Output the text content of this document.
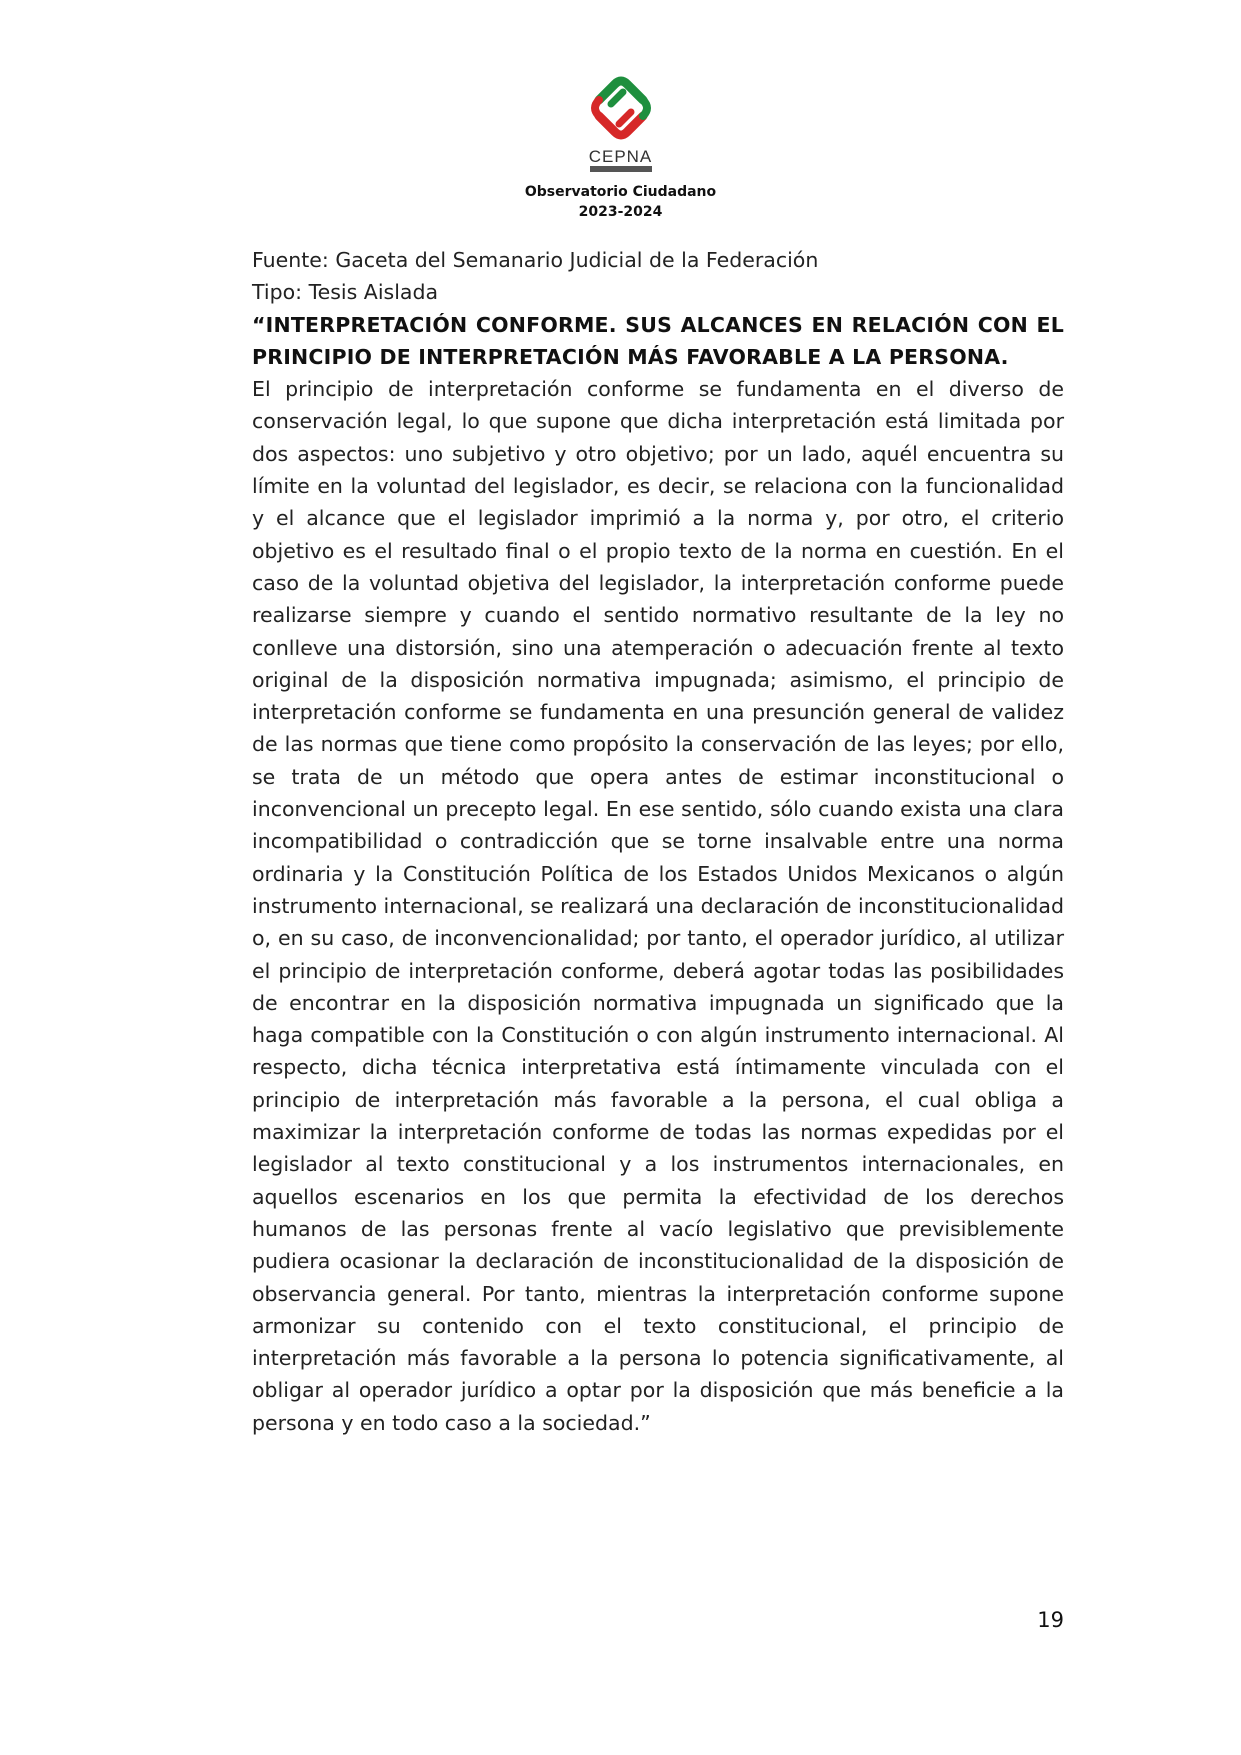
CEPNA
Observatorio Ciudadano
2023-2024
Fuente: Gaceta del Semanario Judicial de la Federación
Tipo: Tesis Aislada
“INTERPRETACIÓN CONFORME. SUS ALCANCES EN RELACIÓN CON EL PRINCIPIO DE INTERPRETACIÓN MÁS FAVORABLE A LA PERSONA.

El principio de interpretación conforme se fundamenta en el diverso de conservación legal, lo que supone que dicha interpretación está limitada por dos aspectos: uno subjetivo y otro objetivo; por un lado, aquél encuentra su límite en la voluntad del legislador, es decir, se relaciona con la funcionalidad y el alcance que el legislador imprimió a la norma y, por otro, el criterio objetivo es el resultado final o el propio texto de la norma en cuestión. En el caso de la voluntad objetiva del legislador, la interpretación conforme puede realizarse siempre y cuando el sentido normativo resultante de la ley no conlleve una distorsión, sino una atemperación o adecuación frente al texto original de la disposición normativa impugnada; asimismo, el principio de interpretación conforme se fundamenta en una presunción general de validez de las normas que tiene como propósito la conservación de las leyes; por ello, se trata de un método que opera antes de estimar inconstitucional o inconvencional un precepto legal. En ese sentido, sólo cuando exista una clara incompatibilidad o contradicción que se torne insalvable entre una norma ordinaria y la Constitución Política de los Estados Unidos Mexicanos o algún instrumento internacional, se realizará una declaración de inconstitucionalidad o, en su caso, de inconvencionalidad; por tanto, el operador jurídico, al utilizar el principio de interpretación conforme, deberá agotar todas las posibilidades de encontrar en la disposición normativa impugnada un significado que la haga compatible con la Constitución o con algún instrumento internacional. Al respecto, dicha técnica interpretativa está íntimamente vinculada con el principio de interpretación más favorable a la persona, el cual obliga a maximizar la interpretación conforme de todas las normas expedidas por el legislador al texto constitucional y a los instrumentos internacionales, en aquellos escenarios en los que permita la efectividad de los derechos humanos de las personas frente al vacío legislativo que previsiblemente pudiera ocasionar la declaración de inconstitucionalidad de la disposición de observancia general. Por tanto, mientras la interpretación conforme supone armonizar su contenido con el texto constitucional, el principio de interpretación más favorable a la persona lo potencia significativamente, al obligar al operador jurídico a optar por la disposición que más beneficie a la persona y en todo caso a la sociedad.”

19
